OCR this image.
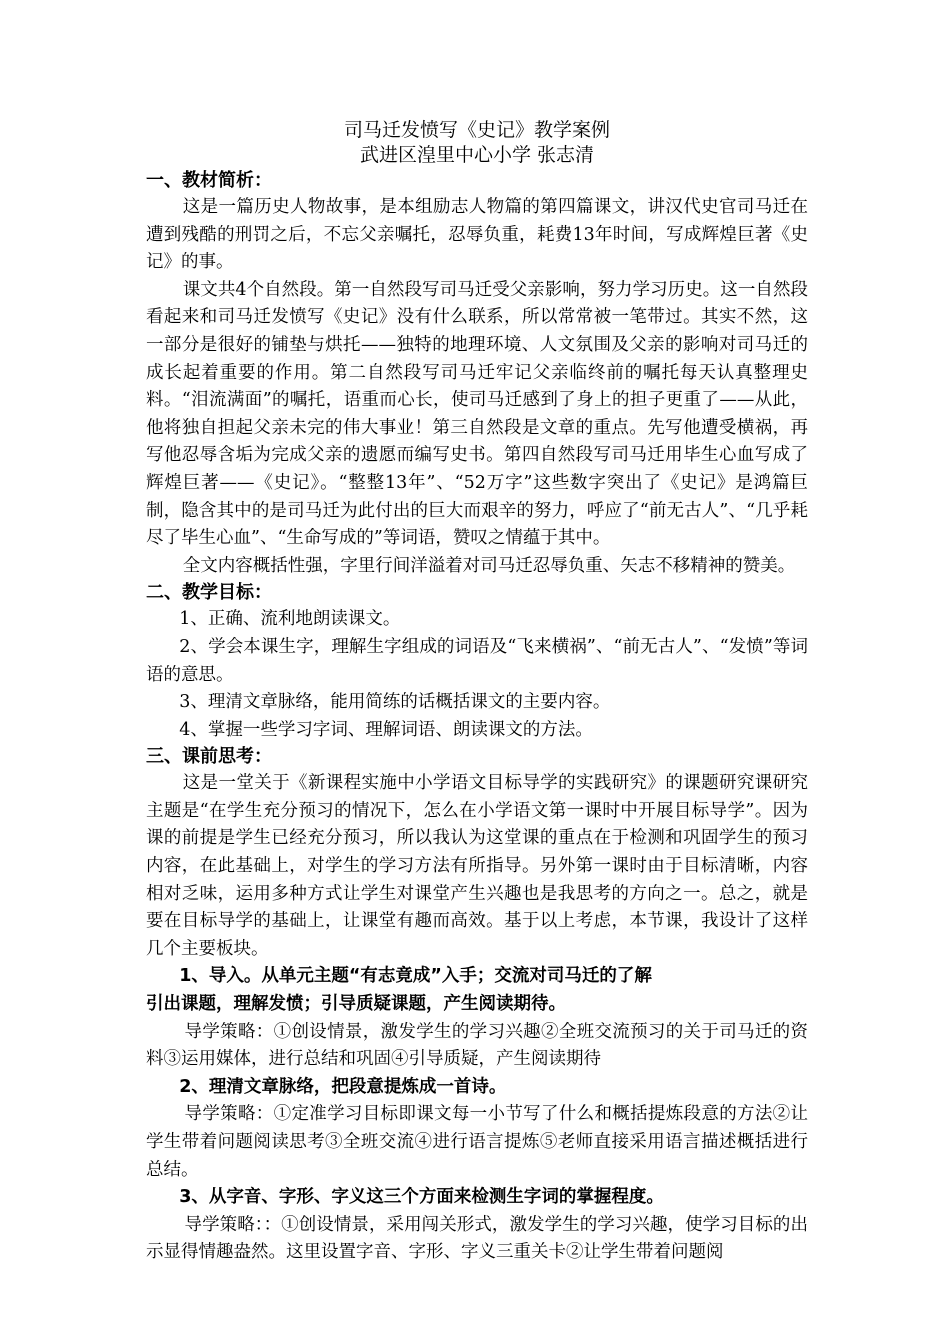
司马迁发愤写《史记》教学案例

武进区湟里中心小学 张志清

一、教材简析：

这是一篇历史人物故事，是本组励志人物篇的第四篇课文，讲汉代史官司马迁在遭到残酷的刑罚之后，不忘父亲嘱托，忍辱负重，耗费13年时间，写成辉煌巨著《史记》的事。

课文共4个自然段。第一自然段写司马迁受父亲影响，努力学习历史。这一自然段看起来和司马迁发愤写《史记》没有什么联系，所以常常被一笔带过。其实不然，这一部分是很好的铺垫与烘托——独特的地理环境、人文氛围及父亲的影响对司马迁的成长起着重要的作用。第二自然段写司马迁牢记父亲临终前的嘱托每天认真整理史料。“泪流满面”的嘱托，语重而心长，使司马迁感到了身上的担子更重了——从此，他将独自担起父亲未完的伟大事业！第三自然段是文章的重点。先写他遭受横祸，再写他忍辱含垢为完成父亲的遗愿而编写史书。第四自然段写司马迁用毕生心血写成了辉煌巨著——《史记》。“整整13年”、“52万字”这些数字突出了《史记》是鸿篇巨制，隐含其中的是司马迁为此付出的巨大而艰辛的努力，呼应了“前无古人”、“几乎耗尽了毕生心血”、“生命写成的”等词语，赞叹之情蕴于其中。

全文内容概括性强，字里行间洋溢着对司马迁忍辱负重、矢志不移精神的赞美。

二、教学目标：

1、正确、流利地朗读课文。

2、学会本课生字，理解生字组成的词语及“飞来横祸”、“前无古人”、“发愤”等词语的意思。

3、理清文章脉络，能用简练的话概括课文的主要内容。

4、掌握一些学习字词、理解词语、朗读课文的方法。

三、课前思考：

这是一堂关于《新课程实施中小学语文目标导学的实践研究》的课题研究课研究主题是“在学生充分预习的情况下，怎么在小学语文第一课时中开展目标导学”。因为课的前提是学生已经充分预习，所以我认为这堂课的重点在于检测和巩固学生的预习内容，在此基础上，对学生的学习方法有所指导。另外第一课时由于目标清晰，内容相对乏味，运用多种方式让学生对课堂产生兴趣也是我思考的方向之一。总之，就是要在目标导学的基础上，让课堂有趣而高效。基于以上考虑，本节课，我设计了这样几个主要板块。

1、导入。从单元主题“有志竟成”入手；交流对司马迁的了解

引出课题，理解发愤；引导质疑课题，产生阅读期待。

导学策略：①创设情景，激发学生的学习兴趣②全班交流预习的关于司马迁的资料③运用媒体，进行总结和巩固④引导质疑，产生阅读期待

2、理清文章脉络，把段意提炼成一首诗。

导学策略：①定准学习目标即课文每一小节写了什么和概括提炼段意的方法②让学生带着问题阅读思考③全班交流④进行语言提炼⑤老师直接采用语言描述概括进行总结。

3、从字音、字形、字义这三个方面来检测生字词的掌握程度。

导学策略：：①创设情景，采用闯关形式，激发学生的学习兴趣，使学习目标的出示显得情趣盎然。这里设置字音、字形、字义三重关卡②让学生带着问题阅
